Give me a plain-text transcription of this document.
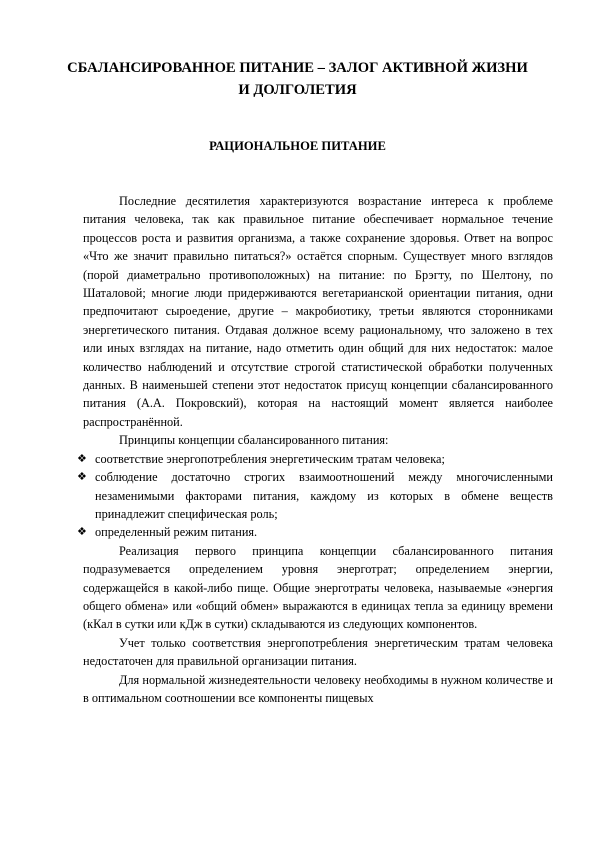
СБАЛАНСИРОВАННОЕ ПИТАНИЕ – ЗАЛОГ АКТИВНОЙ ЖИЗНИ И ДОЛГОЛЕТИЯ
РАЦИОНАЛЬНОЕ ПИТАНИЕ

Последние десятилетия характеризуются возрастание интереса к проблеме питания человека, так как правильное питание обеспечивает нормальное течение процессов роста и развития организма, а также сохранение здоровья. Ответ на вопрос «Что же значит правильно питаться?» остаётся спорным. Существует много взглядов (порой диаметрально противоположных) на питание: по Брэгту, по Шелтону, по Шаталовой; многие люди придерживаются вегетарианской ориентации питания, одни предпочитают сыроедение, другие – макробиотику, третьи являются сторонниками энергетического питания. Отдавая должное всему рациональному, что заложено в тех или иных взглядах на питание, надо отметить один общий для них недостаток: малое количество наблюдений и отсутствие строгой статистической обработки полученных данных. В наименьшей степени этот недостаток присущ концепции сбалансированного питания (А.А. Покровский), которая на настоящий момент является наиболее распространённой.

Принципы концепции сбалансированного питания:

❖ соответствие энергопотребления энергетическим тратам человека;
❖ соблюдение достаточно строгих взаимоотношений между многочисленными незаменимыми факторами питания, каждому из которых в обмене веществ принадлежит специфическая роль;
❖ определенный режим питания.

Реализация первого принципа концепции сбалансированного питания подразумевается определением уровня энерготрат; определением энергии, содержащейся в какой-либо пище. Общие энерготраты человека, называемые «энергия общего обмена» или «общий обмен» выражаются в единицах тепла за единицу времени (кКал в сутки или кДж в сутки) складываются из следующих компонентов.

Учет только соответствия энергопотребления энергетическим тратам человека недостаточен для правильной организации питания.

Для нормальной жизнедеятельности человеку необходимы в нужном количестве и в оптимальном соотношении все компоненты пищевых
